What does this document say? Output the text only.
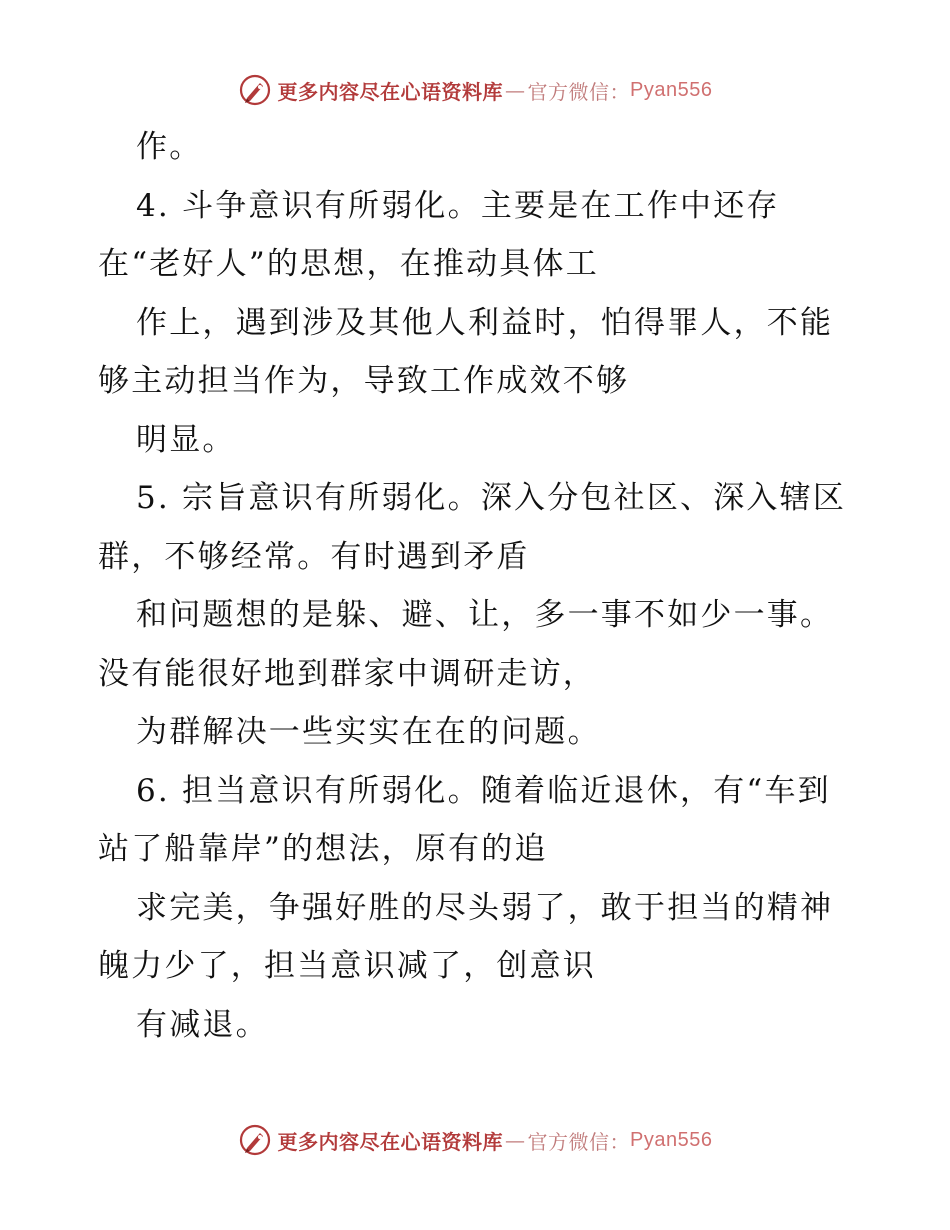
更多内容尽在心语资料库 — 官方微信： Pyan556
作。
4. 斗争意识有所弱化。主要是在工作中还存
在“老好人”的思想，在推动具体工
作上，遇到涉及其他人利益时，怕得罪人，不能
够主动担当作为，导致工作成效不够
明显。
5. 宗旨意识有所弱化。深入分包社区、深入辖区
群，不够经常。有时遇到矛盾
和问题想的是躲、避、让，多一事不如少一事。
没有能很好地到群家中调研走访，
为群解决一些实实在在的问题。
6. 担当意识有所弱化。随着临近退休，有“车到
站了船靠岸”的想法，原有的追
求完美，争强好胜的尽头弱了，敢于担当的精神
魄力少了，担当意识减了，创意识
有减退。
更多内容尽在心语资料库 — 官方微信： Pyan556
